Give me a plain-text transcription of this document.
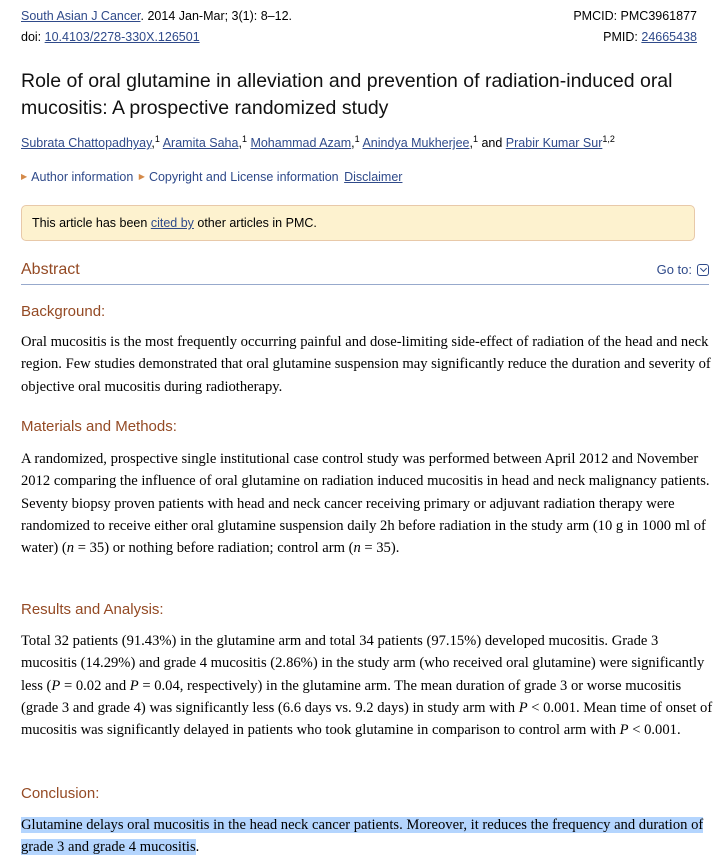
South Asian J Cancer. 2014 Jan-Mar; 3(1): 8–12.	PMCID: PMC3961877
doi: 10.4103/2278-330X.126501	PMID: 24665438
Role of oral glutamine in alleviation and prevention of radiation-induced oral mucositis: A prospective randomized study
Subrata Chattopadhyay,$^1$ Aramita Saha,$^1$ Mohammad Azam,$^1$ Anindya Mukherjee,$^1$ and Prabir Kumar Sur$^{1,2}$
▶ Author information ▶ Copyright and License information Disclaimer
This article has been cited by other articles in PMC.
Abstract	Go to:
Background:

Oral mucositis is the most frequently occurring painful and dose-limiting side-effect of radiation of the head and neck region. Few studies demonstrated that oral glutamine suspension may significantly reduce the duration and severity of objective oral mucositis during radiotherapy.

Materials and Methods:

A randomized, prospective single institutional case control study was performed between April 2012 and November 2012 comparing the influence of oral glutamine on radiation induced mucositis in head and neck malignancy patients. Seventy biopsy proven patients with head and neck cancer receiving primary or adjuvant radiation therapy were randomized to receive either oral glutamine suspension daily 2h before radiation in the study arm (10 g in 1000 ml of water) (n = 35) or nothing before radiation; control arm (n = 35).

Results and Analysis:

Total 32 patients (91.43%) in the glutamine arm and total 34 patients (97.15%) developed mucositis. Grade 3 mucositis (14.29%) and grade 4 mucositis (2.86%) in the study arm (who received oral glutamine) were significantly less (P = 0.02 and P = 0.04, respectively) in the glutamine arm. The mean duration of grade 3 or worse mucositis (grade 3 and grade 4) was significantly less (6.6 days vs. 9.2 days) in study arm with P < 0.001. Mean time of onset of mucositis was significantly delayed in patients who took glutamine in comparison to control arm with P < 0.001.

Conclusion:

Glutamine delays oral mucositis in the head neck cancer patients. Moreover, it reduces the frequency and duration of grade 3 and grade 4 mucositis.
